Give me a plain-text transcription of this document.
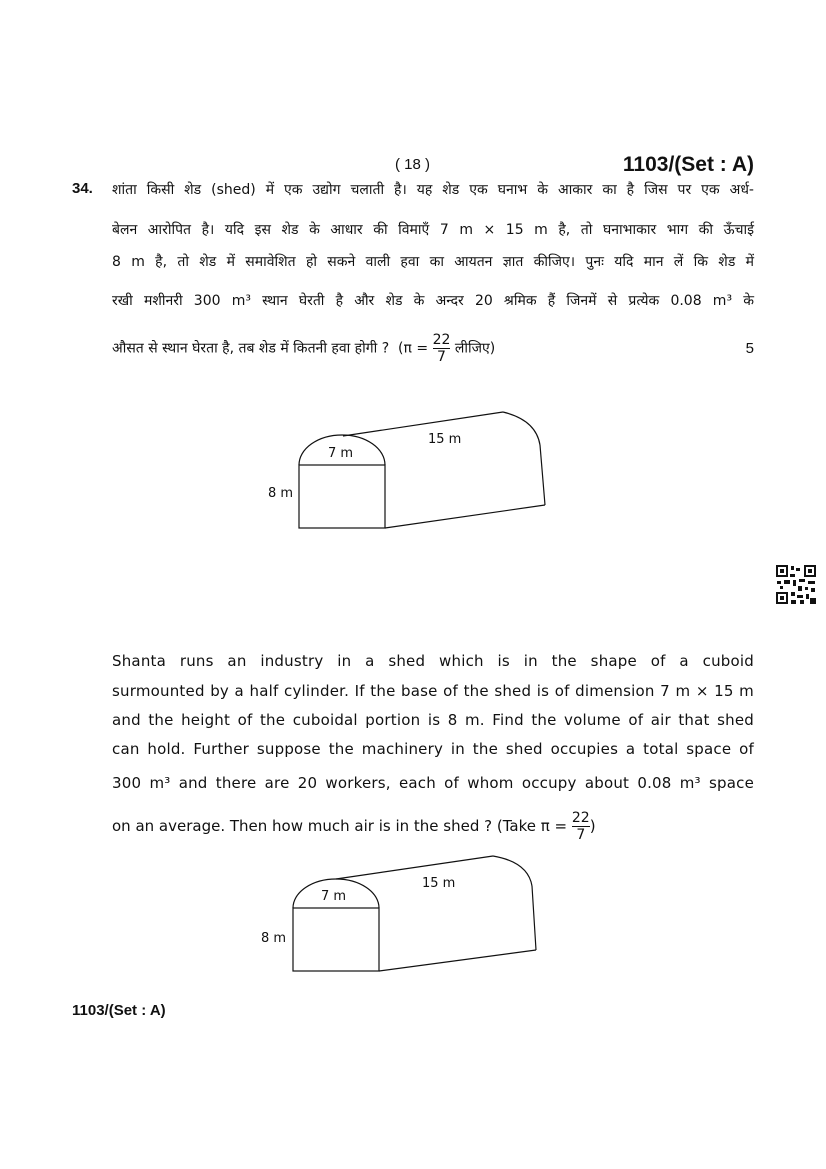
( 18 )	1103/(Set : A)
34. शांता किसी शेड (shed) में एक उद्योग चलाती है। यह शेड एक घनाभ के आकार का है जिस पर एक अर्ध-
बेलन आरोपित है। यदि इस शेड के आधार की विमाएँ 7 m × 15 m है, तो घनाभाकार भाग की ऊँचाई
8 m है, तो शेड में समावेशित हो सकने वाली हवा का आयतन ज्ञात कीजिए। पुनः यदि मान लें कि शेड में
रखी मशीनरी 300 m³ स्थान घेरती है और शेड के अन्दर 20 श्रमिक हैं जिनमें से प्रत्येक 0.08 m³ के
औसत से स्थान घेरता है, तब शेड में कितनी हवा होगी ? ($\pi = \frac{22}{7}$ लीजिए)	5
7 m
15 m
8 m
7 m
15 m
8 m
Shanta runs an industry in a shed which is in the shape of a cuboid
surmounted by a half cylinder. If the base of the shed is of dimension 7 m × 15 m
and the height of the cuboidal portion is 8 m. Find the volume of air that shed
can hold. Further suppose the machinery in the shed occupies a total space of
300 m³ and there are 20 workers, each of whom occupy about 0.08 m³ space
on an average. Then how much air is in the shed ? (Take $\pi = \frac{22}{7}$ )
1103/(Set : A)
